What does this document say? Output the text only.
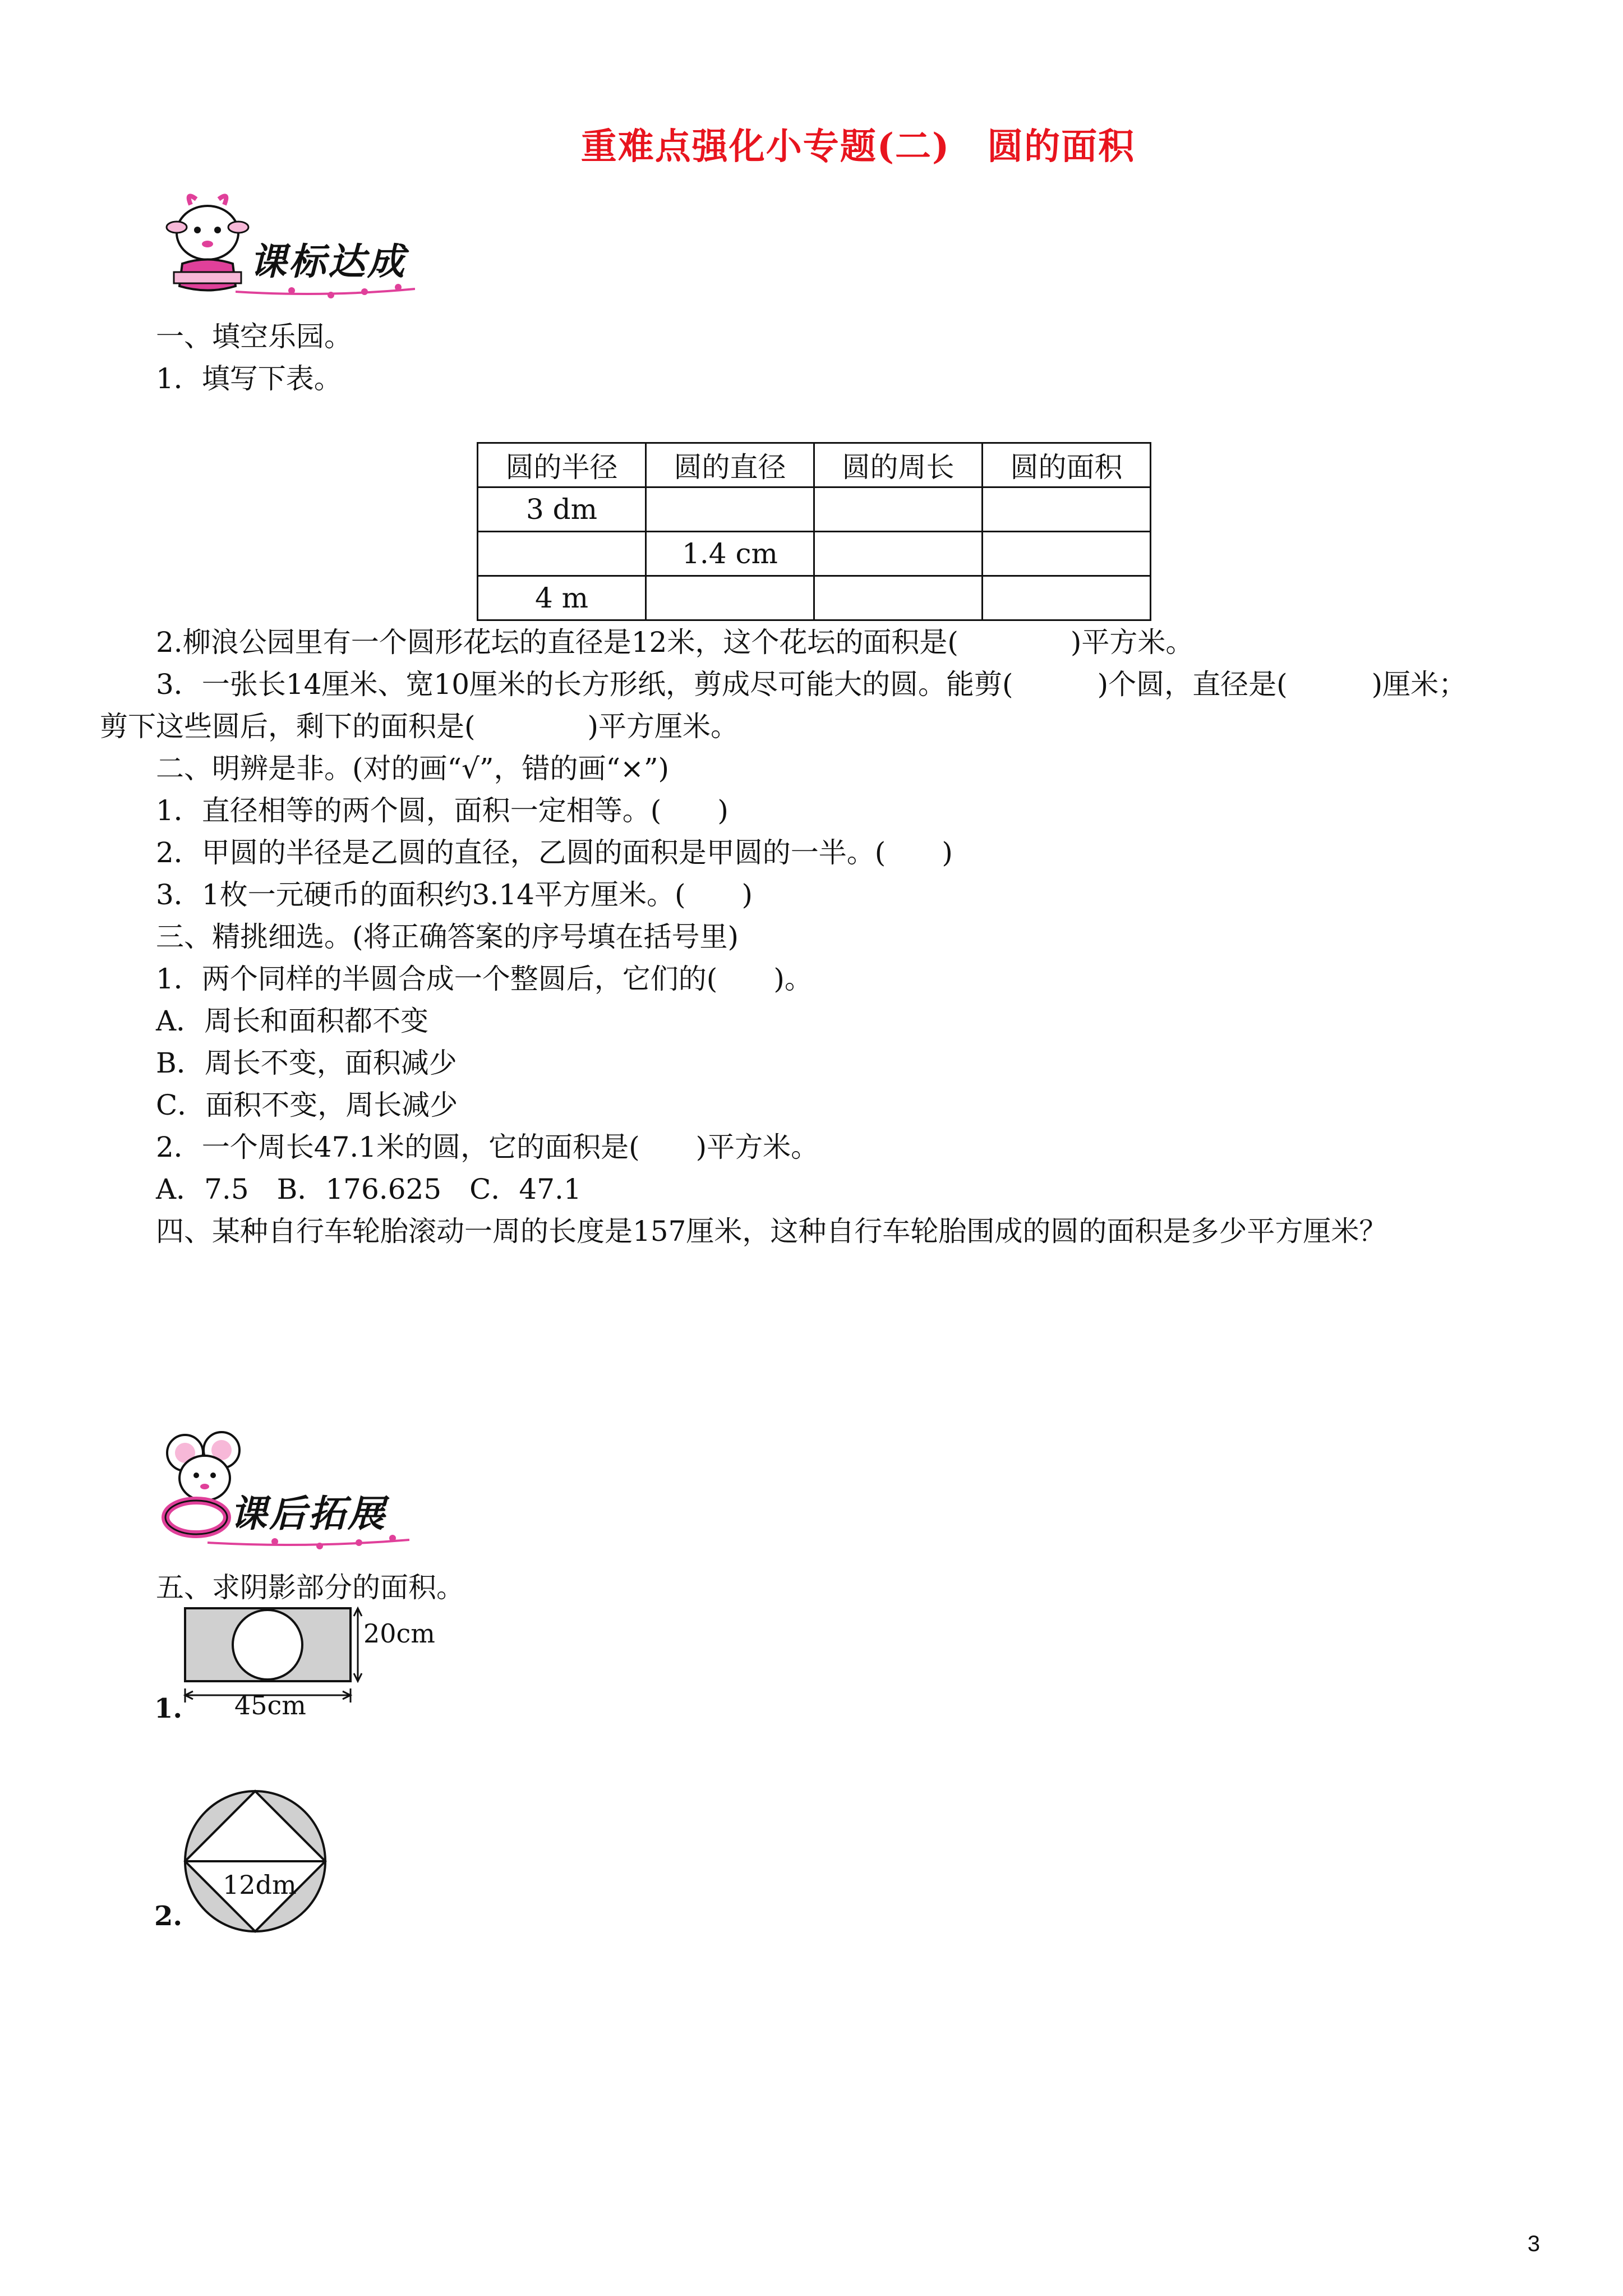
重难点强化小专题(二)　圆的面积
课标达成
一、填空乐园。
1．填写下表。
圆的半径	圆的直径	圆的周长	圆的面积
3 dm			
	1.4 cm		
4 m			
2.柳浪公园里有一个圆形花坛的直径是12米，这个花坛的面积是(　　　　)平方米。
3．一张长14厘米、宽10厘米的长方形纸，剪成尽可能大的圆。能剪(　　　)个圆，直径是(　　　)厘米；
剪下这些圆后，剩下的面积是(　　　　)平方厘米。
二、明辨是非。(对的画“√”，错的画“×”)
1．直径相等的两个圆，面积一定相等。(　　)
2．甲圆的半径是乙圆的直径，乙圆的面积是甲圆的一半。(　　)
3．1枚一元硬币的面积约3.14平方厘米。(　　)
三、精挑细选。(将正确答案的序号填在括号里)
1．两个同样的半圆合成一个整圆后，它们的(　　)。
A．周长和面积都不变
B．周长不变，面积减少
C．面积不变，周长减少
2．一个周长47.1米的圆，它的面积是(　　)平方米。
A．7.5　B．176.625　C．47.1
四、某种自行车轮胎滚动一周的长度是157厘米，这种自行车轮胎围成的圆的面积是多少平方厘米？
课后拓展
五、求阴影部分的面积。
1.
20cm
45cm
2.
12dm
3
